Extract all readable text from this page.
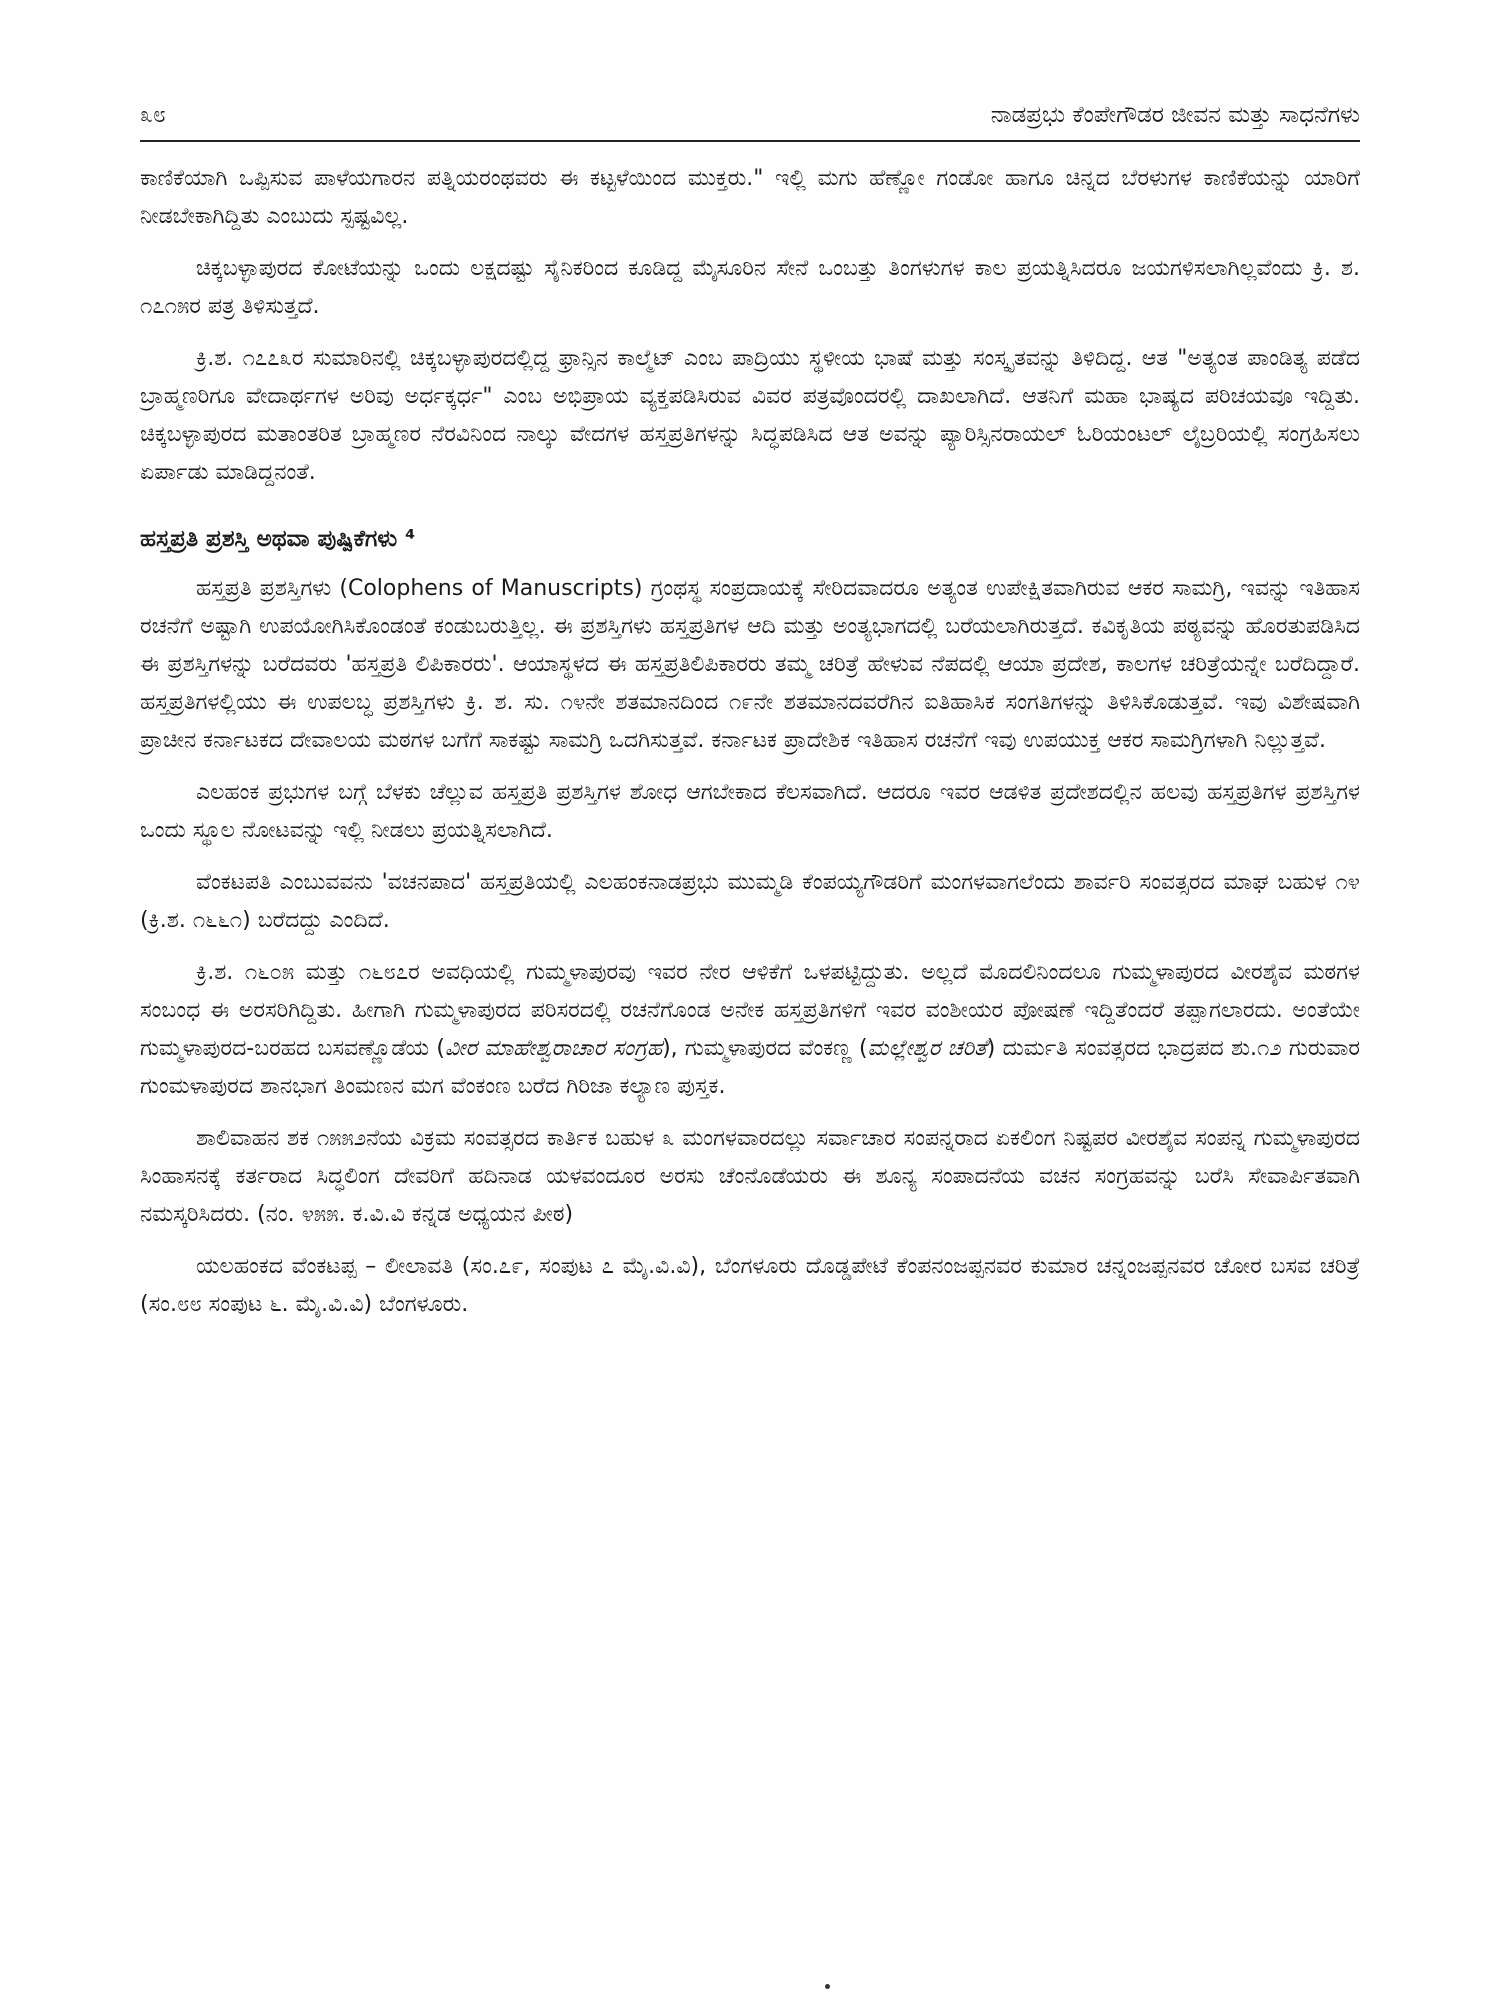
೩೮	ನಾಡಪ್ರಭು ಕೆಂಪೇಗೌಡರ ಜೀವನ ಮತ್ತು ಸಾಧನೆಗಳು

ಕಾಣಿಕೆಯಾಗಿ ಒಪ್ಪಿಸುವ ಪಾಳೆಯಗಾರನ ಪತ್ನಿಯರಂಥವರು ಈ ಕಟ್ಟಳೆಯಿಂದ ಮುಕ್ತರು." ಇಲ್ಲಿ ಮಗು ಹೆಣ್ಣೋ ಗಂಡೋ ಹಾಗೂ ಚಿನ್ನದ ಬೆರಳುಗಳ ಕಾಣಿಕೆಯನ್ನು ಯಾರಿಗೆ ನೀಡಬೇಕಾಗಿದ್ದಿತು ಎಂಬುದು ಸ್ಪಷ್ಟವಿಲ್ಲ.

ಚಿಕ್ಕಬಳ್ಳಾಪುರದ ಕೋಟೆಯನ್ನು ಒಂದು ಲಕ್ಷದಷ್ಟು ಸೈನಿಕರಿಂದ ಕೂಡಿದ್ದ ಮೈಸೂರಿನ ಸೇನೆ ಒಂಬತ್ತು ತಿಂಗಳುಗಳ ಕಾಲ ಪ್ರಯತ್ನಿಸಿದರೂ ಜಯಗಳಿಸಲಾಗಿಲ್ಲವೆಂದು ಕ್ರಿ. ಶ. ೧೭೧೫ರ ಪತ್ರ ತಿಳಿಸುತ್ತದೆ.

ಕ್ರಿ.ಶ. ೧೭೭೩ರ ಸುಮಾರಿನಲ್ಲಿ ಚಿಕ್ಕಬಳ್ಳಾಪುರದಲ್ಲಿದ್ದ ಫ್ರಾನ್ಸಿನ ಕಾಲ್ಮೆಟ್ ಎಂಬ ಪಾದ್ರಿಯು ಸ್ಥಳೀಯ ಭಾಷೆ ಮತ್ತು ಸಂಸ್ಕೃತವನ್ನು ತಿಳಿದಿದ್ದ. ಆತ "ಅತ್ಯಂತ ಪಾಂಡಿತ್ಯ ಪಡೆದ ಬ್ರಾಹ್ಮಣರಿಗೂ ವೇದಾರ್ಥಗಳ ಅರಿವು ಅರ್ಧಕ್ಕರ್ಧ" ಎಂಬ ಅಭಿಪ್ರಾಯ ವ್ಯಕ್ತಪಡಿಸಿರುವ ವಿವರ ಪತ್ರವೊಂದರಲ್ಲಿ ದಾಖಲಾಗಿದೆ. ಆತನಿಗೆ ಮಹಾ ಭಾಷ್ಯದ ಪರಿಚಯವೂ ಇದ್ದಿತು. ಚಿಕ್ಕಬಳ್ಳಾಪುರದ ಮತಾಂತರಿತ ಬ್ರಾಹ್ಮಣರ ನೆರವಿನಿಂದ ನಾಲ್ಕು ವೇದಗಳ ಹಸ್ತಪ್ರತಿಗಳನ್ನು ಸಿದ್ಧಪಡಿಸಿದ ಆತ ಅವನ್ನು ಪ್ಯಾರಿಸ್ಸಿನರಾಯಲ್ ಓರಿಯಂಟಲ್ ಲೈಬ್ರರಿಯಲ್ಲಿ ಸಂಗ್ರಹಿಸಲು ಏರ್ಪಾಡು ಮಾಡಿದ್ದನಂತೆ.

ಹಸ್ತಪ್ರತಿ ಪ್ರಶಸ್ತಿ ಅಥವಾ ಪುಷ್ಪಿಕೆಗಳು ⁴

ಹಸ್ತಪ್ರತಿ ಪ್ರಶಸ್ತಿಗಳು (Colophens of Manuscripts) ಗ್ರಂಥಸ್ಥ ಸಂಪ್ರದಾಯಕ್ಕೆ ಸೇರಿದವಾದರೂ ಅತ್ಯಂತ ಉಪೇಕ್ಷಿತವಾಗಿರುವ ಆಕರ ಸಾಮಗ್ರಿ, ಇವನ್ನು ಇತಿಹಾಸ ರಚನೆಗೆ ಅಷ್ಟಾಗಿ ಉಪಯೋಗಿಸಿಕೊಂಡಂತೆ ಕಂಡುಬರುತ್ತಿಲ್ಲ. ಈ ಪ್ರಶಸ್ತಿಗಳು ಹಸ್ತಪ್ರತಿಗಳ ಆದಿ ಮತ್ತು ಅಂತ್ಯಭಾಗದಲ್ಲಿ ಬರೆಯಲಾಗಿರುತ್ತದೆ. ಕವಿಕೃತಿಯ ಪಠ್ಯವನ್ನು ಹೊರತುಪಡಿಸಿದ ಈ ಪ್ರಶಸ್ತಿಗಳನ್ನು ಬರೆದವರು 'ಹಸ್ತಪ್ರತಿ ಲಿಪಿಕಾರರು'. ಆಯಾಸ್ಥಳದ ಈ ಹಸ್ತಪ್ರತಿಲಿಪಿಕಾರರು ತಮ್ಮ ಚರಿತ್ರೆ ಹೇಳುವ ನೆಪದಲ್ಲಿ ಆಯಾ ಪ್ರದೇಶ, ಕಾಲಗಳ ಚರಿತ್ರೆಯನ್ನೇ ಬರೆದಿದ್ದಾರೆ. ಹಸ್ತಪ್ರತಿಗಳಲ್ಲಿಯು ಈ ಉಪಲಬ್ಧ ಪ್ರಶಸ್ತಿಗಳು ಕ್ರಿ. ಶ. ಸು. ೧೪ನೇ ಶತಮಾನದಿಂದ ೧೯ನೇ ಶತಮಾನದವರೆಗಿನ ಐತಿಹಾಸಿಕ ಸಂಗತಿಗಳನ್ನು ತಿಳಿಸಿಕೊಡುತ್ತವೆ. ಇವು ವಿಶೇಷವಾಗಿ ಪ್ರಾಚೀನ ಕರ್ನಾಟಕದ ದೇವಾಲಯ ಮಠಗಳ ಬಗೆಗೆ ಸಾಕಷ್ಟು ಸಾಮಗ್ರಿ ಒದಗಿಸುತ್ತವೆ. ಕರ್ನಾಟಕ ಪ್ರಾದೇಶಿಕ ಇತಿಹಾಸ ರಚನೆಗೆ ಇವು ಉಪಯುಕ್ತ ಆಕರ ಸಾಮಗ್ರಿಗಳಾಗಿ ನಿಲ್ಲುತ್ತವೆ.

ಎಲಹಂಕ ಪ್ರಭುಗಳ ಬಗ್ಗೆ ಬೆಳಕು ಚೆಲ್ಲುವ ಹಸ್ತಪ್ರತಿ ಪ್ರಶಸ್ತಿಗಳ ಶೋಧ ಆಗಬೇಕಾದ ಕೆಲಸವಾಗಿದೆ. ಆದರೂ ಇವರ ಆಡಳಿತ ಪ್ರದೇಶದಲ್ಲಿನ ಹಲವು ಹಸ್ತಪ್ರತಿಗಳ ಪ್ರಶಸ್ತಿಗಳ ಒಂದು ಸ್ಥೂಲ ನೋಟವನ್ನು ಇಲ್ಲಿ ನೀಡಲು ಪ್ರಯತ್ನಿಸಲಾಗಿದೆ.

ವೆಂಕಟಪತಿ ಎಂಬುವವನು 'ವಚನಪಾದ' ಹಸ್ತಪ್ರತಿಯಲ್ಲಿ ಎಲಹಂಕನಾಡಪ್ರಭು ಮುಮ್ಮಡಿ ಕೆಂಪಯ್ಯಗೌಡರಿಗೆ ಮಂಗಳವಾಗಲೆಂದು ಶಾರ್ವರಿ ಸಂವತ್ಸರದ ಮಾಘ ಬಹುಳ ೧೪ (ಕ್ರಿ.ಶ. ೧೬೬೧) ಬರೆದದ್ದು ಎಂದಿದೆ.

ಕ್ರಿ.ಶ. ೧೬೦೫ ಮತ್ತು ೧೬೮೭ರ ಅವಧಿಯಲ್ಲಿ ಗುಮ್ಮಳಾಪುರವು ಇವರ ನೇರ ಆಳಿಕೆಗೆ ಒಳಪಟ್ಟಿದ್ದುತು. ಅಲ್ಲದೆ ಮೊದಲಿನಿಂದಲೂ ಗುಮ್ಮಳಾಪುರದ ವೀರಶೈವ ಮಠಗಳ ಸಂಬಂಧ ಈ ಅರಸರಿಗಿದ್ದಿತು. ಹೀಗಾಗಿ ಗುಮ್ಮಳಾಪುರದ ಪರಿಸರದಲ್ಲಿ ರಚನೆಗೊಂಡ ಅನೇಕ ಹಸ್ತಪ್ರತಿಗಳಿಗೆ ಇವರ ವಂಶೀಯರ ಪೋಷಣೆ ಇದ್ದಿತೆಂದರೆ ತಪ್ಪಾಗಲಾರದು. ಅಂತೆಯೇ ಗುಮ್ಮಳಾಪುರದ-ಬರಹದ ಬಸವಣ್ಣೊಡೆಯ (ವೀರ ಮಾಹೇಶ್ವರಾಚಾರ ಸಂಗ್ರಹ), ಗುಮ್ಮಳಾಪುರದ ವೆಂಕಣ್ಣ (ಮಲ್ಲೇಶ್ವರ ಚರಿತೆ) ದುರ್ಮತಿ ಸಂವತ್ಸರದ ಭಾದ್ರಪದ ಶು.೧೨ ಗುರುವಾರ ಗುಂಮಳಾಪುರದ ಶಾನಭಾಗ ತಿಂಮಣನ ಮಗ ವೆಂಕಂಣ ಬರೆದ ಗಿರಿಜಾ ಕಲ್ಯಾಣ ಪುಸ್ತಕ.

ಶಾಲಿವಾಹನ ಶಕ ೧೫೫೨ನೆಯ ವಿಕ್ರಮ ಸಂವತ್ಸರದ ಕಾರ್ತಿಕ ಬಹುಳ ೩ ಮಂಗಳವಾರದಲ್ಲು ಸರ್ವಾಚಾರ ಸಂಪನ್ನರಾದ ಏಕಲಿಂಗ ನಿಷ್ಟಪರ ವೀರಶೈವ ಸಂಪನ್ನ ಗುಮ್ಮಳಾಪುರದ ಸಿಂಹಾಸನಕ್ಕೆ ಕರ್ತರಾದ ಸಿದ್ಧಲಿಂಗ ದೇವರಿಗೆ ಹದಿನಾಡ ಯಳವಂದೂರ ಅರಸು ಚೆಂನೊಡೆಯರು ಈ ಶೂನ್ಯ ಸಂಪಾದನೆಯ ವಚನ ಸಂಗ್ರಹವನ್ನು ಬರೆಸಿ ಸೇವಾರ್ಪಿತವಾಗಿ ನಮಸ್ಕರಿಸಿದರು. (ನಂ. ೪೫೫. ಕ.ವಿ.ವಿ ಕನ್ನಡ ಅಧ್ಯಯನ ಪೀಠ)

ಯಲಹಂಕದ ವೆಂಕಟಪ್ಪ – ಲೀಲಾವತಿ (ಸಂ.೭೯, ಸಂಪುಟ ೭ ಮೈ.ವಿ.ವಿ), ಬೆಂಗಳೂರು ದೊಡ್ಡಪೇಟೆ ಕೆಂಪನಂಜಪ್ಪನವರ ಕುಮಾರ ಚನ್ನಂಜಪ್ಪನವರ ಚೋರ ಬಸವ ಚರಿತ್ರೆ (ಸಂ.೮೮ ಸಂಪುಟ ೬. ಮೈ.ವಿ.ವಿ) ಬೆಂಗಳೂರು.
